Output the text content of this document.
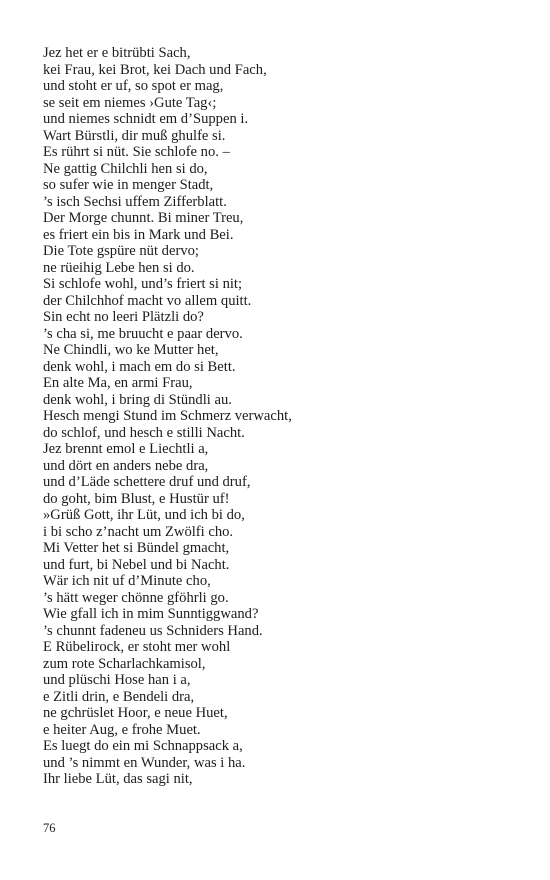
Jez het er e bitrübti Sach,
kei Frau, kei Brot, kei Dach und Fach,
und stoht er uf, so spot er mag,
se seit em niemes ›Gute Tag‹;
und niemes schnidt em d’Suppen i.
Wart Bürstli, dir muß ghulfe si.
Es rührt si nüt. Sie schlofe no. –
Ne gattig Chilchli hen si do,
so sufer wie in menger Stadt,
’s isch Sechsi uffem Zifferblatt.
Der Morge chunnt. Bi miner Treu,
es friert ein bis in Mark und Bei.
Die Tote gspüre nüt dervo;
ne rüeihig Lebe hen si do.
Si schlofe wohl, und’s friert si nit;
der Chilchhof macht vo allem quitt.
Sin echt no leeri Plätzli do?
’s cha si, me bruucht e paar dervo.
Ne Chindli, wo ke Mutter het,
denk wohl, i mach em do si Bett.
En alte Ma, en armi Frau,
denk wohl, i bring di Stündli au.
Hesch mengi Stund im Schmerz verwacht,
do schlof, und hesch e stilli Nacht.
Jez brennt emol e Liechtli a,
und dört en anders nebe dra,
und d’Läde schettere druf und druf,
do goht, bim Blust, e Hustür uf!
»Grüß Gott, ihr Lüt, und ich bi do,
i bi scho z’nacht um Zwölfi cho.
Mi Vetter het si Bündel gmacht,
und furt, bi Nebel und bi Nacht.
Wär ich nit uf d’Minute cho,
’s hätt weger chönne gföhrli go.
Wie gfall ich in mim Sunntiggwand?
’s chunnt fadeneu us Schniders Hand.
E Rübelirock, er stoht mer wohl
zum rote Scharlachkamisol,
und plüschi Hose han i a,
e Zitli drin, e Bendeli dra,
ne gchrüslet Hoor, e neue Huet,
e heiter Aug, e frohe Muet.
Es luegt do ein mi Schnappsack a,
und ’s nimmt en Wunder, was i ha.
Ihr liebe Lüt, das sagi nit,
76
